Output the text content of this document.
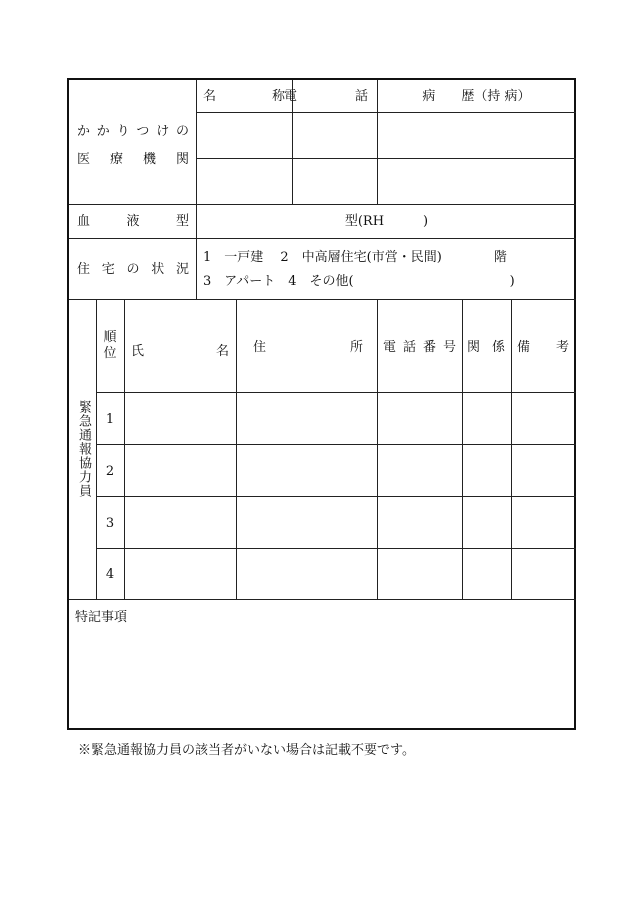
かかりつけの
医療機関
名　　称 電　　話	病　　歴（持 病）
血液型	型(RH　　　)
住宅の状況
1　一戸建　 2　中高層住宅(市営・民間)　　　　階
3　アパート　4　その他(　　　　　　　　　　　　)
緊急通報協力員
順位 氏　　　　名 住　　　　　所 電話番号 関係 備　　考
1
2
3
4
特記事項
※緊急通報協力員の該当者がいない場合は記載不要です。
